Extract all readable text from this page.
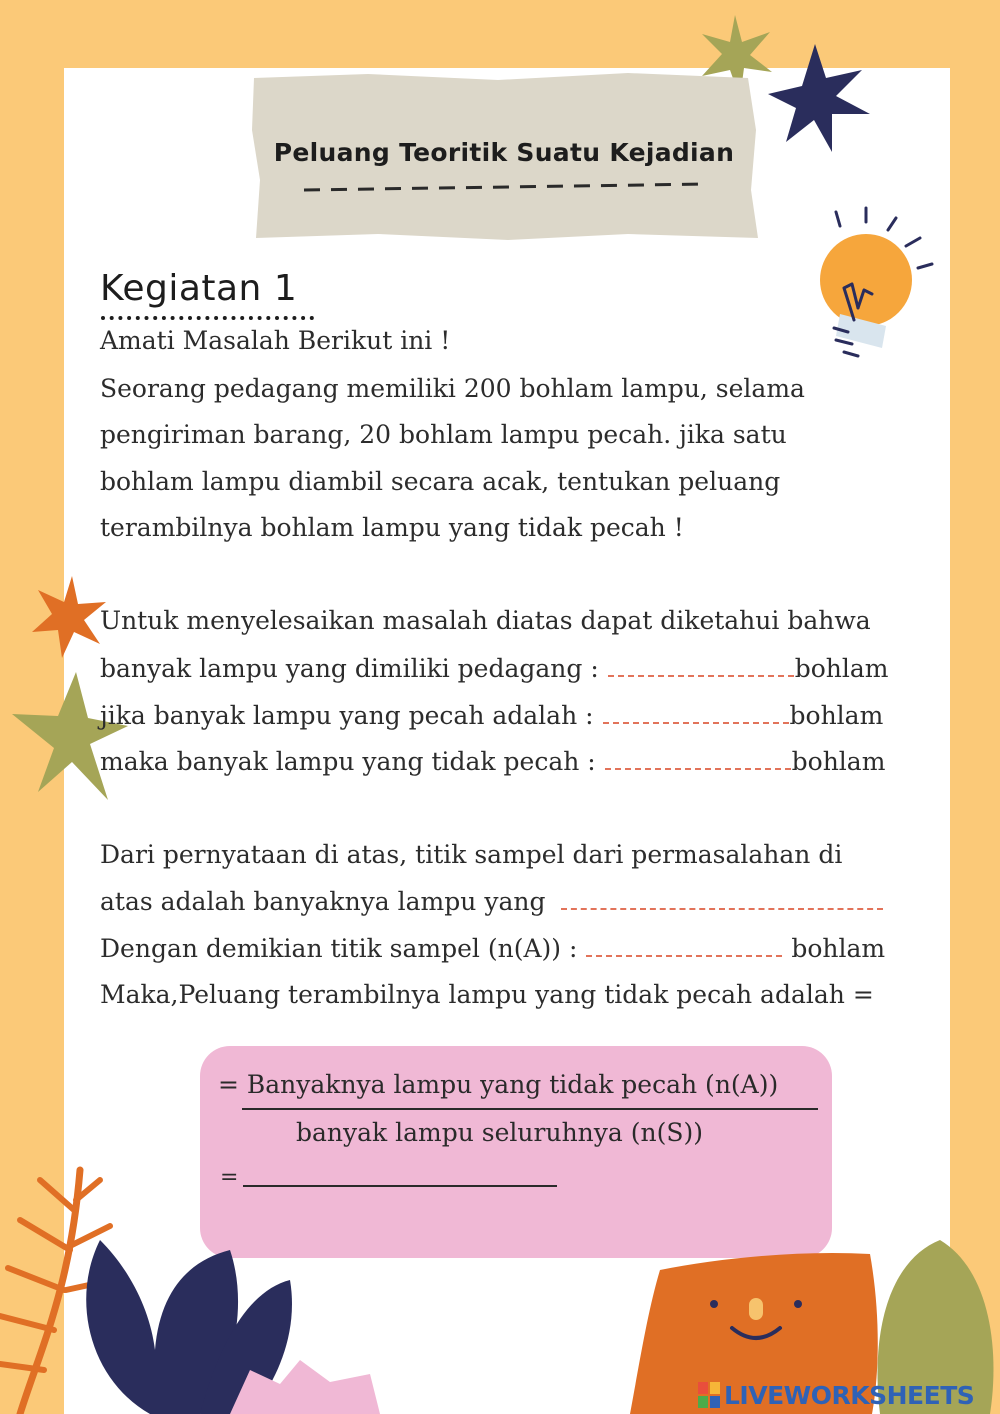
Peluang Teoritik Suatu Kejadian
Kegiatan 1
Amati Masalah Berikut ini !
Seorang pedagang memiliki 200 bohlam lampu, selama
pengiriman barang, 20 bohlam lampu pecah. jika satu
bohlam lampu diambil secara acak, tentukan peluang
terambilnya bohlam lampu yang tidak pecah !
Untuk menyelesaikan masalah diatas dapat diketahui bahwa
banyak lampu yang dimiliki pedagang :	bohlam
jika banyak lampu yang pecah adalah :	bohlam
maka banyak lampu yang tidak pecah :	bohlam
Dari pernyataan di atas, titik sampel dari permasalahan di
atas adalah banyaknya lampu yang
Dengan demikian titik sampel (n(A)) :	bohlam
Maka,Peluang terambilnya lampu yang tidak pecah adalah =
= Banyaknya lampu yang tidak pecah (n(A))
banyak lampu seluruhnya (n(S))
=
LIVEWORKSHEETS
